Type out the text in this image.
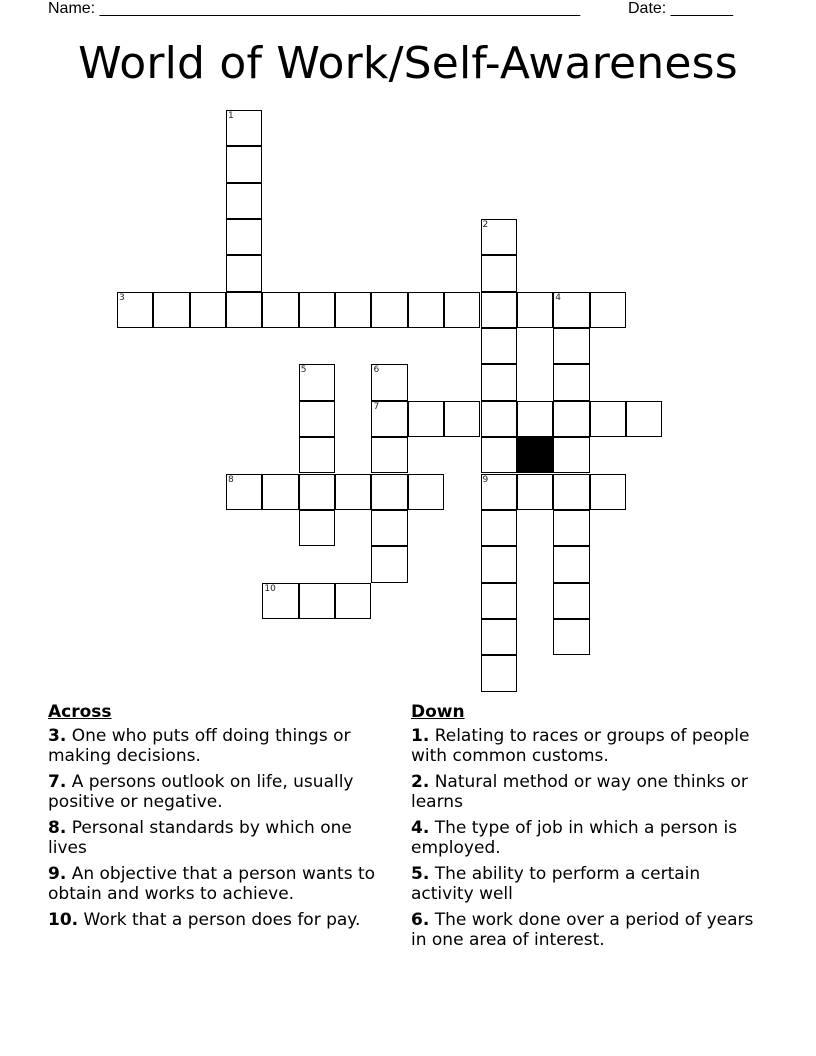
Name: ______________________________________________________	Date: _______
World of Work/Self-Awareness
1
2
3	4
5	6
7
8	9
10
Across
3. One who puts off doing things or making decisions.
7. A persons outlook on life, usually positive or negative.
8. Personal standards by which one lives
9. An objective that a person wants to obtain and works to achieve.
10. Work that a person does for pay.
Down
1. Relating to races or groups of people with common customs.
2. Natural method or way one thinks or learns
4. The type of job in which a person is employed.
5. The ability to perform a certain activity well
6. The work done over a period of years in one area of interest.
